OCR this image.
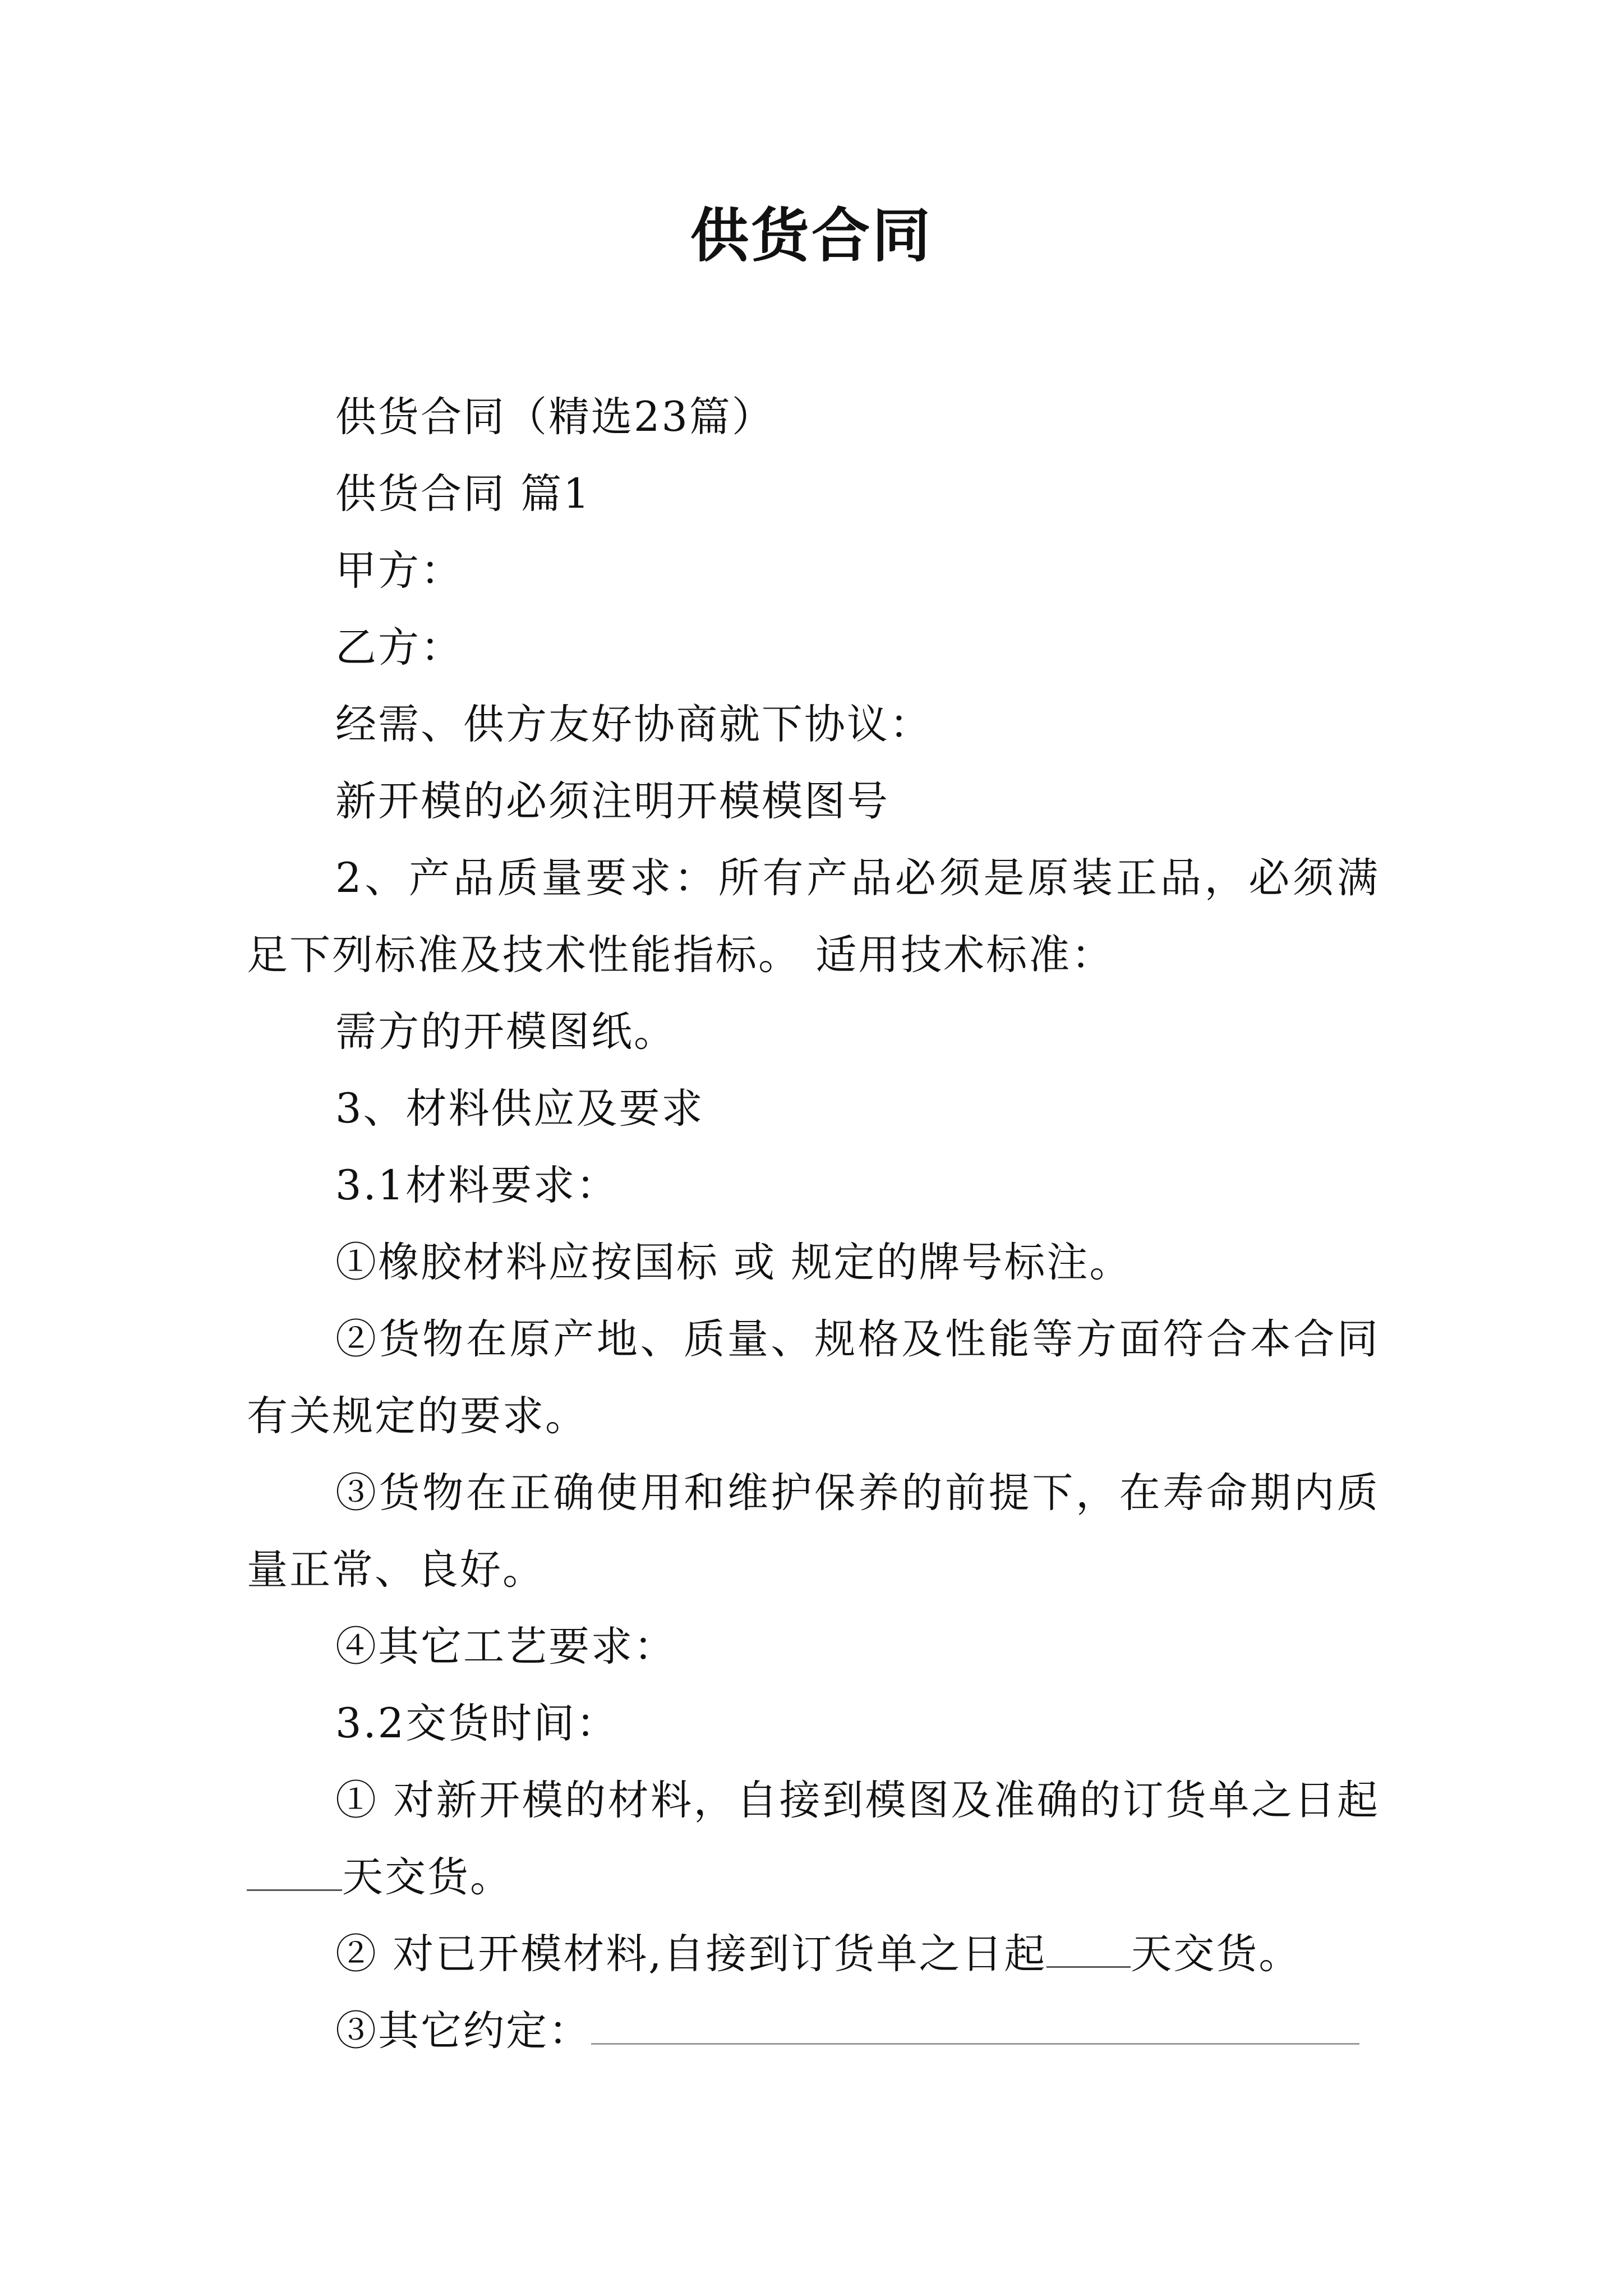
供货合同

供货合同（精选23篇）

供货合同 篇1

甲方：

乙方：

经需、供方友好协商就下协议：

新开模的必须注明开模模图号

2、产品质量要求：所有产品必须是原装正品，必须满足下列标准及技术性能指标。 适用技术标准：

需方的开模图纸。

3、材料供应及要求

3.1材料要求：

①橡胶材料应按国标 或 规定的牌号标注。

②货物在原产地、质量、规格及性能等方面符合本合同有关规定的要求。

③货物在正确使用和维护保养的前提下，在寿命期内质量正常、良好。

④其它工艺要求：

3.2交货时间：

① 对新开模的材料，自接到模图及准确的订货单之日起天交货。

② 对已开模材料,自接到订货单之日起 天交货。

③其它约定：
